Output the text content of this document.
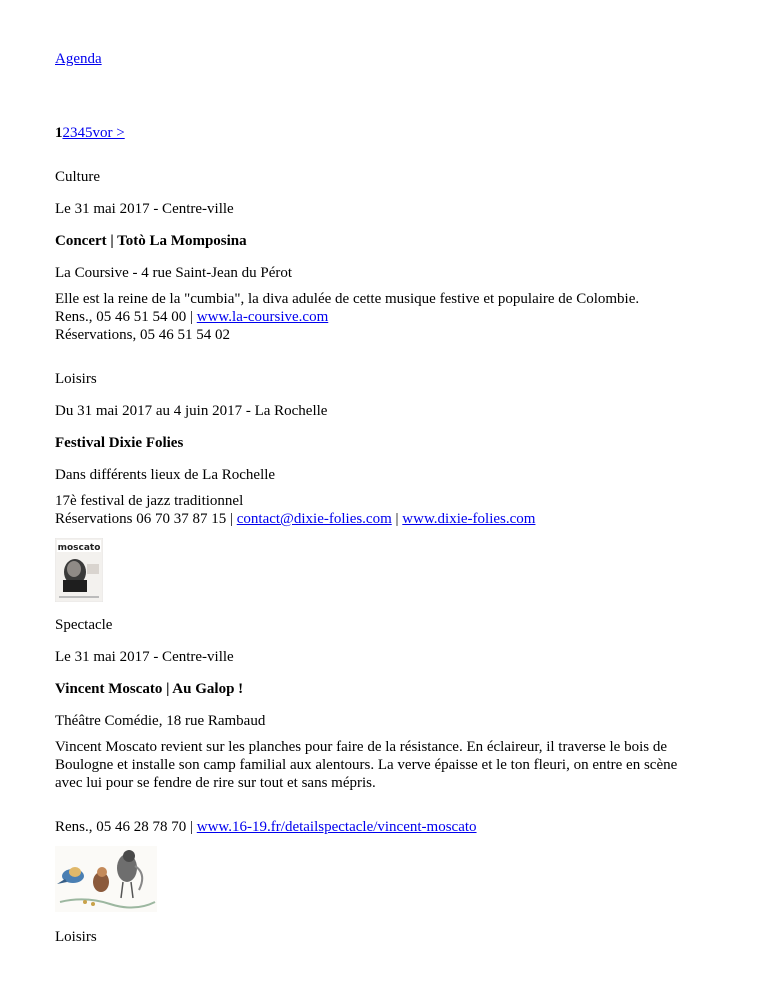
Agenda

12345vor >

Culture

Le 31 mai 2017 - Centre-ville

Concert | Totò La Momposina

La Coursive - 4 rue Saint-Jean du Pérot

Elle est la reine de la "cumbia", la diva adulée de cette musique festive et populaire de Colombie.

Rens., 05 46 51 54 00 | www.la-coursive.com

Réservations, 05 46 51 54 02

Loisirs

Du 31 mai 2017 au 4 juin 2017 - La Rochelle

Festival Dixie Folies

Dans différents lieux de La Rochelle

17è festival de jazz traditionnel

Réservations 06 70 37 87 15 | contact@dixie-folies.com | www.dixie-folies.com

moscato

Spectacle

Le 31 mai 2017 - Centre-ville

Vincent Moscato | Au Galop !

Théâtre Comédie, 18 rue Rambaud

Vincent Moscato revient sur les planches pour faire de la résistance. En éclaireur, il traverse le bois de Boulogne et installe son camp familial aux alentours. La verve épaisse et le ton fleuri, on entre en scène avec lui pour se fendre de rire sur tout et sans mépris.

Rens., 05 46 28 78 70 | www.16-19.fr/detailspectacle/vincent-moscato

Loisirs
